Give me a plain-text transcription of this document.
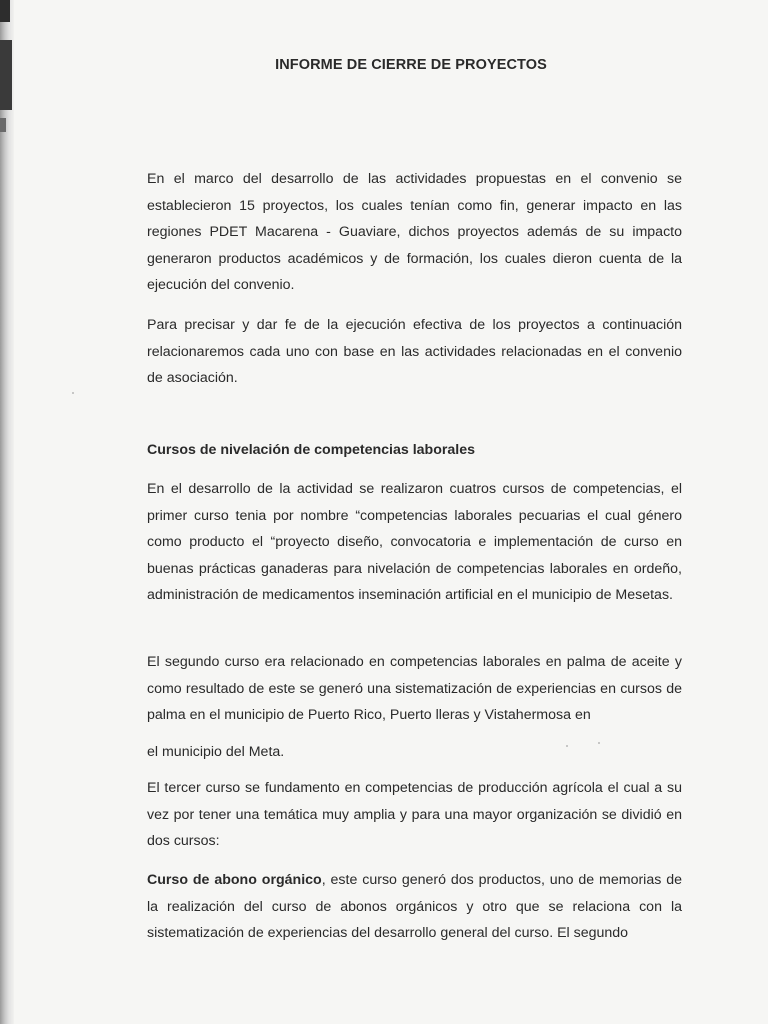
INFORME DE CIERRE DE PROYECTOS

En el marco del desarrollo de las actividades propuestas en el convenio se establecieron 15 proyectos, los cuales tenían como fin, generar impacto en las regiones PDET Macarena - Guaviare, dichos proyectos además de su impacto generaron productos académicos y de formación, los cuales dieron cuenta de la ejecución del convenio.

Para precisar y dar fe de la ejecución efectiva de los proyectos a continuación relacionaremos cada uno con base en las actividades relacionadas en el convenio de asociación.

Cursos de nivelación de competencias laborales

En el desarrollo de la actividad se realizaron cuatros cursos de competencias, el primer curso tenia por nombre “competencias laborales pecuarias el cual género como producto el “proyecto diseño, convocatoria e implementación de curso en buenas prácticas ganaderas para nivelación de competencias laborales en ordeño, administración de medicamentos inseminación artificial en el municipio de Mesetas.

El segundo curso era relacionado en competencias laborales en palma de aceite y como resultado de este se generó una sistematización de experiencias en cursos de palma en el municipio de Puerto Rico, Puerto lleras y Vistahermosa en

el municipio del Meta.

El tercer curso se fundamento en competencias de producción agrícola el cual a su vez por tener una temática muy amplia y para una mayor organización se dividió en dos cursos:

Curso de abono orgánico, este curso generó dos productos, uno de memorias de la realización del curso de abonos orgánicos y otro que se relaciona con la sistematización de experiencias del desarrollo general del curso. El segundo
